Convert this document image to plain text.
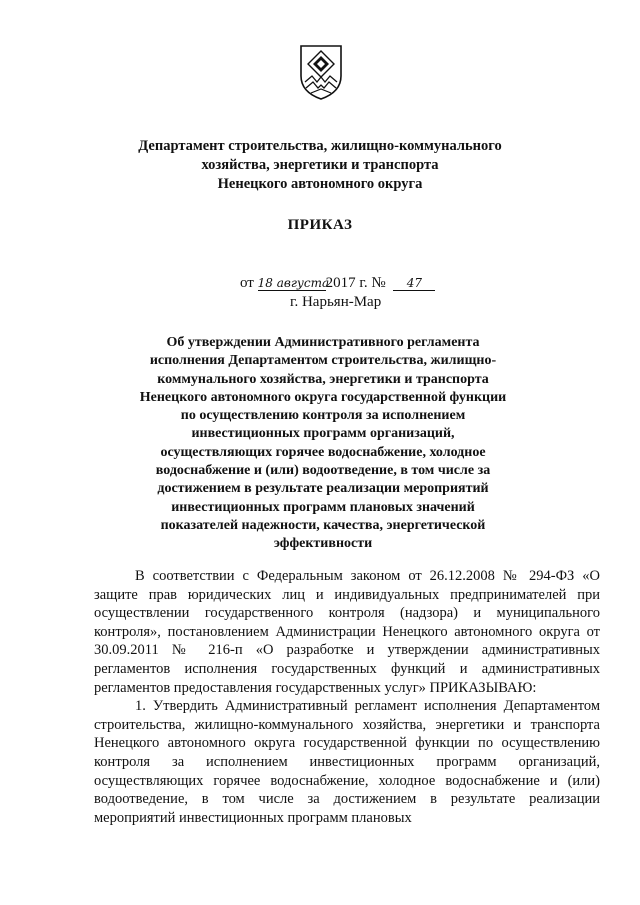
Департамент строительства, жилищно-коммунального
хозяйства, энергетики и транспорта
Ненецкого автономного округа
ПРИКАЗ
от 18 августа2017 г. № 47
г. Нарьян-Мар
Об утверждении Административного регламента исполнения Департаментом строительства, жилищно-коммунального хозяйства, энергетики и транспорта Ненецкого автономного округа государственной функции по осуществлению контроля за исполнением инвестиционных программ организаций, осуществляющих горячее водоснабжение, холодное водоснабжение и (или) водоотведение, в том числе за достижением в результате реализации мероприятий инвестиционных программ плановых значений показателей надежности, качества, энергетической эффективности

В соответствии с Федеральным законом от 26.12.2008 № 294-ФЗ «О защите прав юридических лиц и индивидуальных предпринимателей при осуществлении государственного контроля (надзора) и муниципального контроля», постановлением Администрации Ненецкого автономного округа от 30.09.2011 № 216-п «О разработке и утверждении административных регламентов исполнения государственных функций и административных регламентов предоставления государственных услуг» ПРИКАЗЫВАЮ:

1. Утвердить Административный регламент исполнения Департаментом строительства, жилищно-коммунального хозяйства, энергетики и транспорта Ненецкого автономного округа государственной функции по осуществлению контроля за исполнением инвестиционных программ организаций, осуществляющих горячее водоснабжение, холодное водоснабжение и (или) водоотведение, в том числе за достижением в результате реализации мероприятий инвестиционных программ плановых
